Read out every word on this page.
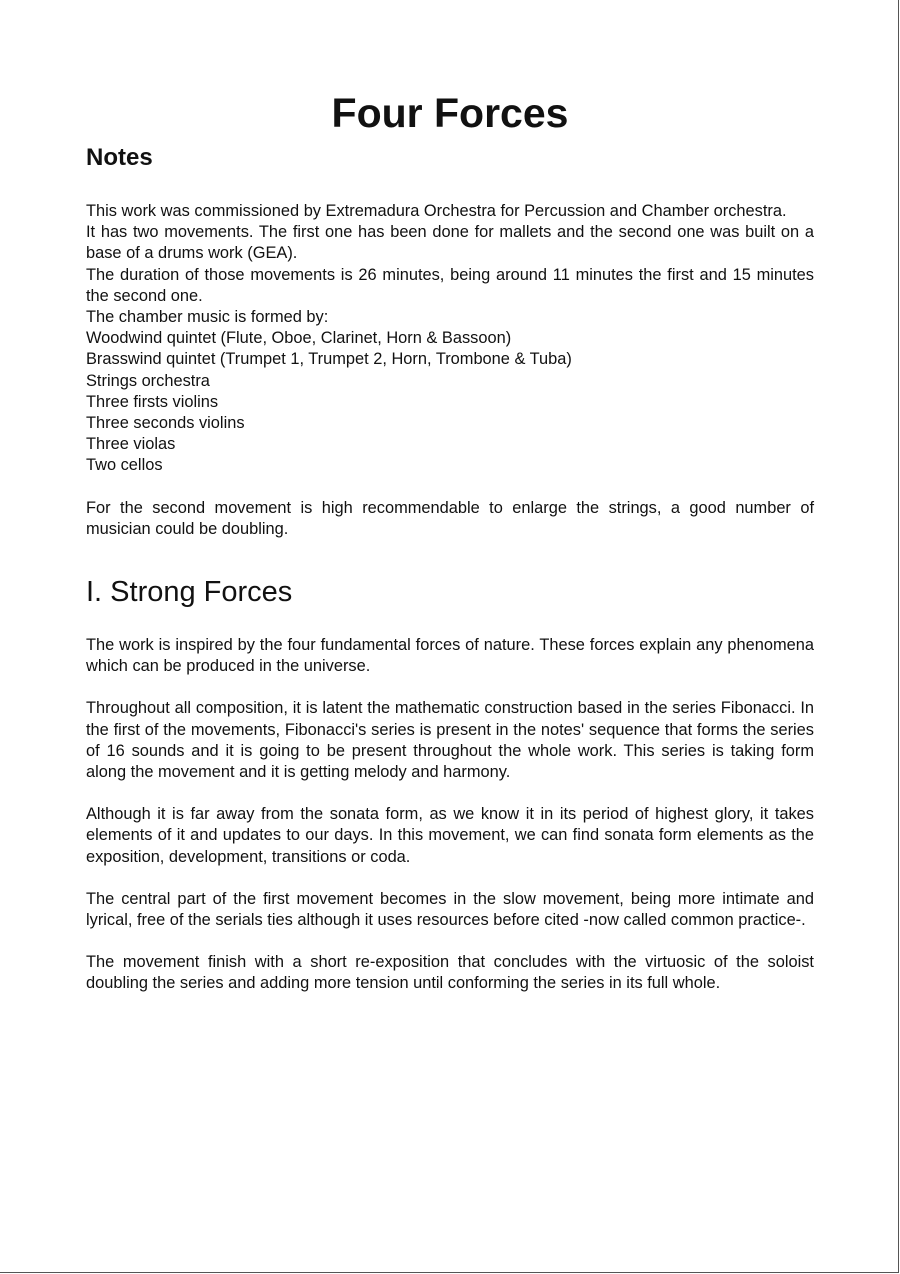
Four Forces
Notes
This work was commissioned by Extremadura Orchestra for Percussion and Chamber orchestra.
It has two movements. The first one has been done for mallets and the second one was built on a base of a drums work (GEA).
The duration of those movements is 26 minutes, being around 11 minutes the first and 15 minutes the second one.
The chamber music is formed by:
Woodwind quintet (Flute, Oboe, Clarinet, Horn & Bassoon)
Brasswind quintet (Trumpet 1, Trumpet 2, Horn, Trombone & Tuba)
Strings orchestra
Three firsts violins
Three seconds violins
Three violas
Two cellos
For the second movement is high recommendable to enlarge the strings, a good number of musician could be doubling.
I. Strong Forces

The work is inspired by the four fundamental forces of nature. These forces explain any phenomena which can be produced in the universe.

Throughout all composition, it is latent the mathematic construction based in the series Fibonacci. In the first of the movements, Fibonacci's series is present in the notes' sequence that forms the series of 16 sounds and it is going to be present throughout the whole work. This series is taking form along the movement and it is getting melody and harmony.

Although it is far away from the sonata form, as we know it in its period of highest glory, it takes elements of it and updates to our days. In this movement, we can find sonata form elements as the exposition, development, transitions or coda.

The central part of the first movement becomes in the slow movement, being more intimate and lyrical, free of the serials ties although it uses resources before cited -now called common practice-.

The movement finish with a short re-exposition that concludes with the virtuosic of the soloist doubling the series and adding more tension until conforming the series in its full whole.
